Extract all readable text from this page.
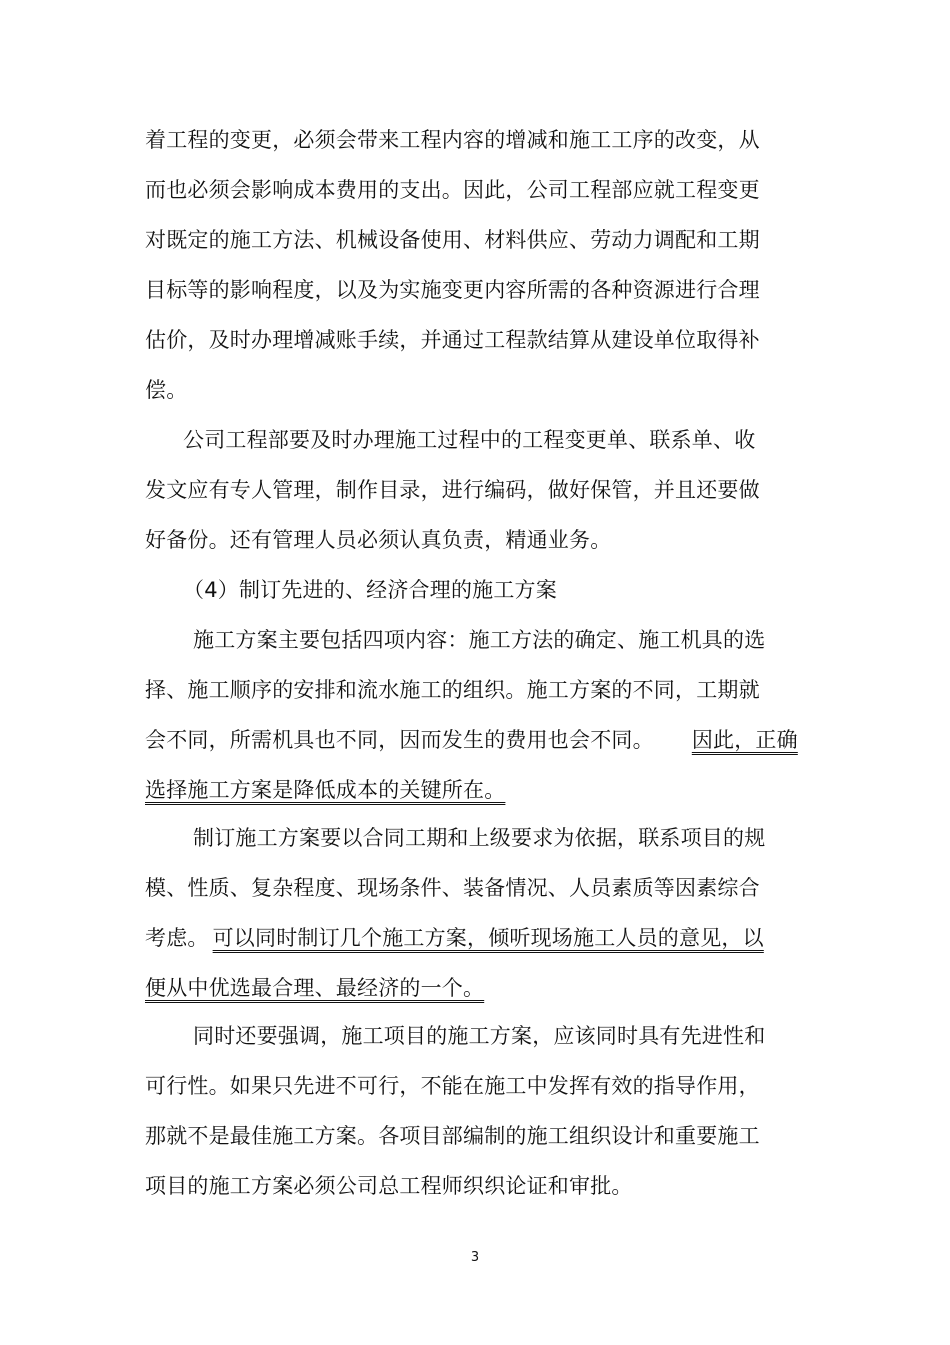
着工程的变更，必须会带来工程内容的增减和施工工序的改变，从

而也必须会影响成本费用的支出。因此，公司工程部应就工程变更

对既定的施工方法、机械设备使用、材料供应、劳动力调配和工期

目标等的影响程度，以及为实施变更内容所需的各种资源进行合理

估价，及时办理增减账手续，并通过工程款结算从建设单位取得补

偿。

公司工程部要及时办理施工过程中的工程变更单、联系单、收

发文应有专人管理，制作目录，进行编码，做好保管，并且还要做

好备份。还有管理人员必须认真负责，精通业务。

（4）制订先进的、经济合理的施工方案

施工方案主要包括四项内容：施工方法的确定、施工机具的选

择、施工顺序的安排和流水施工的组织。施工方案的不同，工期就

会不同，所需机具也不同，因而发生的费用也会不同。 因此，正确

选择施工方案是降低成本的关键所在。

制订施工方案要以合同工期和上级要求为依据，联系项目的规

模、性质、复杂程度、现场条件、装备情况、人员素质等因素综合

考虑。 可以同时制订几个施工方案，倾听现场施工人员的意见，以

便从中优选最合理、最经济的一个。

同时还要强调，施工项目的施工方案，应该同时具有先进性和

可行性。如果只先进不可行，不能在施工中发挥有效的指导作用，

那就不是最佳施工方案。各项目部编制的施工组织设计和重要施工

项目的施工方案必须公司总工程师织织论证和审批。

3
